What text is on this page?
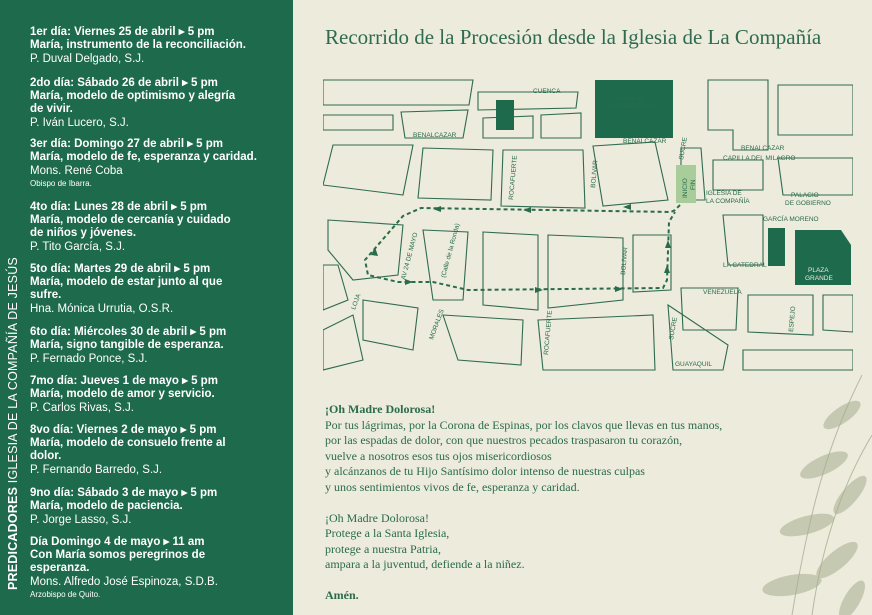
PREDICADORES IGLESIA DE LA COMPAÑÍA DE JESÚS
1er día: Viernes 25 de abril ▸ 5 pm
María, instrumento de la reconciliación.
P. Duval Delgado, S.J.
2do día: Sábado 26 de abril ▸ 5 pm
María, modelo de optimismo y alegría
de vivir.
P. Iván Lucero, S.J.
3er día: Domingo 27 de abril ▸ 5 pm
María, modelo de fe, esperanza y caridad.
Mons. René Coba
Obispo de Ibarra.
4to día: Lunes 28 de abril ▸ 5 pm
María, modelo de cercanía y cuidado
de niños y jóvenes.
P. Tito García, S.J.
5to día: Martes 29 de abril ▸ 5 pm
María, modelo de estar junto al que
sufre.
Hna. Mónica Urrutia, O.S.R.
6to día: Miércoles 30 de abril ▸ 5 pm
María, signo tangible de esperanza.
P. Fernado Ponce, S.J.
7mo día: Jueves 1 de mayo ▸ 5 pm
María, modelo de amor y servicio.
P. Carlos Rivas, S.J.
8vo día: Viernes 2 de mayo ▸ 5 pm
María, modelo de consuelo frente al
dolor.
P. Fernando Barredo, S.J.
9no día: Sábado 3 de mayo ▸ 5 pm
María, modelo de paciencia.
P. Jorge Lasso, S.J.
Día Domingo 4 de mayo ▸ 11 am
Con María somos peregrinos de
esperanza.
Mons. Alfredo José Espinoza, S.D.B.
Arzobispo de Quito.
Recorrido de la Procesión desde la Iglesia de La Compañía
CUENCA
PLAZA DE
SAN FRANCISCO
BENALCAZAR
BENALCAZAR
BENALCAZAR
SUCRE
SUCRE
CAPILLA DEL MILAGRO
ROCAFUERTE
ROCAFUERTE
BOLIVAR
BOLIVAR
INICIO FIN
IGLESIA DE
LA COMPAÑÍA
PALACIO
DE GOBIERNO
GARCÍA MORENO
AV 24 DE MAYO	(Calle de la Ronda)	LA CATEDRAL
PLAZA
GRANDE
VENEZUELA
LOJA
MORALES	ESPEJO
GUAYAQUIL
¡Oh Madre Dolorosa!
Por tus lágrimas, por la Corona de Espinas, por los clavos que llevas en tus manos,
por las espadas de dolor, con que nuestros pecados traspasaron tu corazón,
vuelve a nosotros esos tus ojos misericordiosos
y alcánzanos de tu Hijo Santísimo dolor intenso de nuestras culpas
y unos sentimientos vivos de fe, esperanza y caridad.
¡Oh Madre Dolorosa!
Protege a la Santa Iglesia,
protege a nuestra Patria,
ampara a la juventud, defiende a la niñez.
Amén.
